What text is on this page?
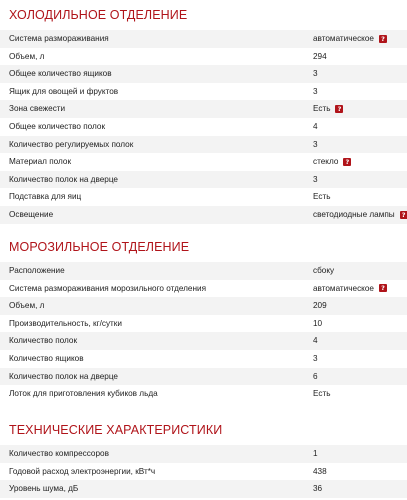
ХОЛОДИЛЬНОЕ ОТДЕЛЕНИЕ
Система размораживания	автоматическое	?
Объем, л	294
Общее количество ящиков	3
Ящик для овощей и фруктов	3
Зона свежести	Есть	?
Общее количество полок	4
Количество регулируемых полок	3
Материал полок	стекло	?
Количество полок на дверце	3
Подставка для яиц	Есть
Освещение	светодиодные лампы	?
МОРОЗИЛЬНОЕ ОТДЕЛЕНИЕ
Расположение	сбоку
Система размораживания морозильного отделения	автоматическое	?
Объем, л	209
Производительность, кг/сутки	10
Количество полок	4
Количество ящиков	3
Количество полок на дверце	6
Лоток для приготовления кубиков льда	Есть
ТЕХНИЧЕСКИЕ ХАРАКТЕРИСТИКИ
Количество компрессоров	1
Годовой расход электроэнергии, кВт*ч	438
Уровень шума, дБ	36
